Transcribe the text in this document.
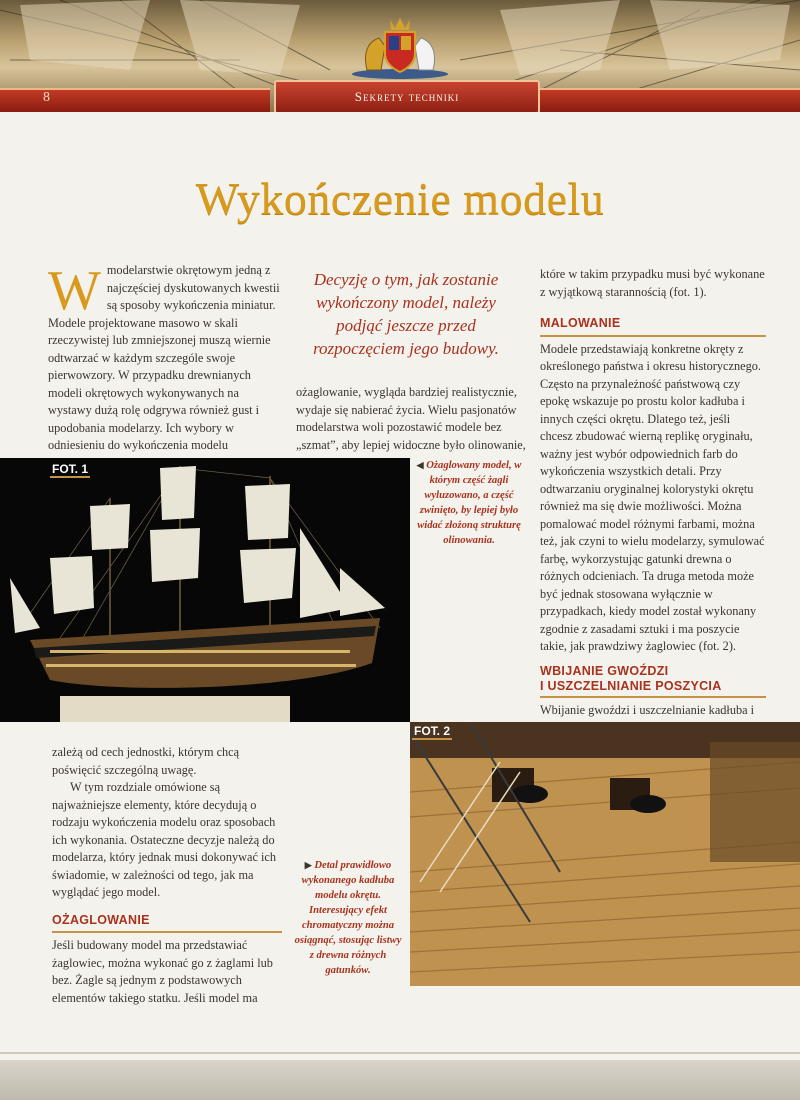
8	Sekrety techniki
Wykończenie modelu
W modelarstwie okrętowym jedną z najczęściej dyskutowanych kwestii są sposoby wykończenia miniatur. Modele projektowane masowo w skali rzeczywistej lub zmniejszonej muszą wiernie odtwarzać w każdym szczególe swoje pierwowzory. W przypadku drewnianych modeli okrętowych wykonywanych na wystawy dużą rolę odgrywa również gust i upodobania modelarzy. Ich wybory w odniesieniu do wykończenia modelu

Decyzję o tym, jak zostanie wykończony model, należy podjąć jeszcze przed rozpoczęciem jego budowy.

ożaglowanie, wygląda bardziej realistycznie, wydaje się nabierać życia. Wielu pasjonatów modelarstwa woli pozostawić modele bez „szmat”, aby lepiej widoczne było olinowanie,

które w takim przypadku musi być wykonane z wyjątkową starannością (fot. 1).

MALOWANIE

Modele przedstawiają konkretne okręty z określonego państwa i okresu historycznego. Często na przynależność państwową czy epokę wskazuje po prostu kolor kadłuba i innych części okrętu. Dlatego też, jeśli chcesz zbudować wierną replikę oryginału, ważny jest wybór odpowiednich farb do wykończenia wszystkich detali. Przy odtwarzaniu oryginalnej kolorystyki okrętu również ma się dwie możliwości. Można pomalować model różnymi farbami, można też, jak czyni to wielu modelarzy, symulować farbę, wykorzystując gatunki drewna o różnych odcieniach. Ta druga metoda może być jednak stosowana wyłącznie w przypadkach, kiedy model został wykonany zgodnie z zasadami sztuki i ma poszycie takie, jak prawdziwy żaglowiec (fot. 2).

WBIJANIE GWOŹDZI
I USZCZELNIANIE POSZYCIA

Wbijanie gwoździ i uszczelnianie kadłuba i

FOT. 1	◀ Ożaglowany model, w którym część żagli wyluzowano, a część zwinięto, by lepiej było widać złożoną strukturę olinowania.

zależą od cech jednostki, którym chcą poświęcić szczególną uwagę.

W tym rozdziale omówione są najważniejsze elementy, które decydują o rodzaju wykończenia modelu oraz sposobach ich wykonania. Ostateczne decyzje należą do modelarza, który jednak musi dokonywać ich świadomie, w zależności od tego, jak ma wyglądać jego model.

OŻAGLOWANIE

Jeśli budowany model ma przedstawiać żaglowiec, można wykonać go z żaglami lub bez. Żagle są jednym z podstawowych elementów takiego statku. Jeśli model ma

▶ Detal prawidłowo wykonanego kadłuba modelu okrętu. Interesujący efekt chromatyczny można osiągnąć, stosując listwy z drewna różnych gatunków.
FOT. 2
